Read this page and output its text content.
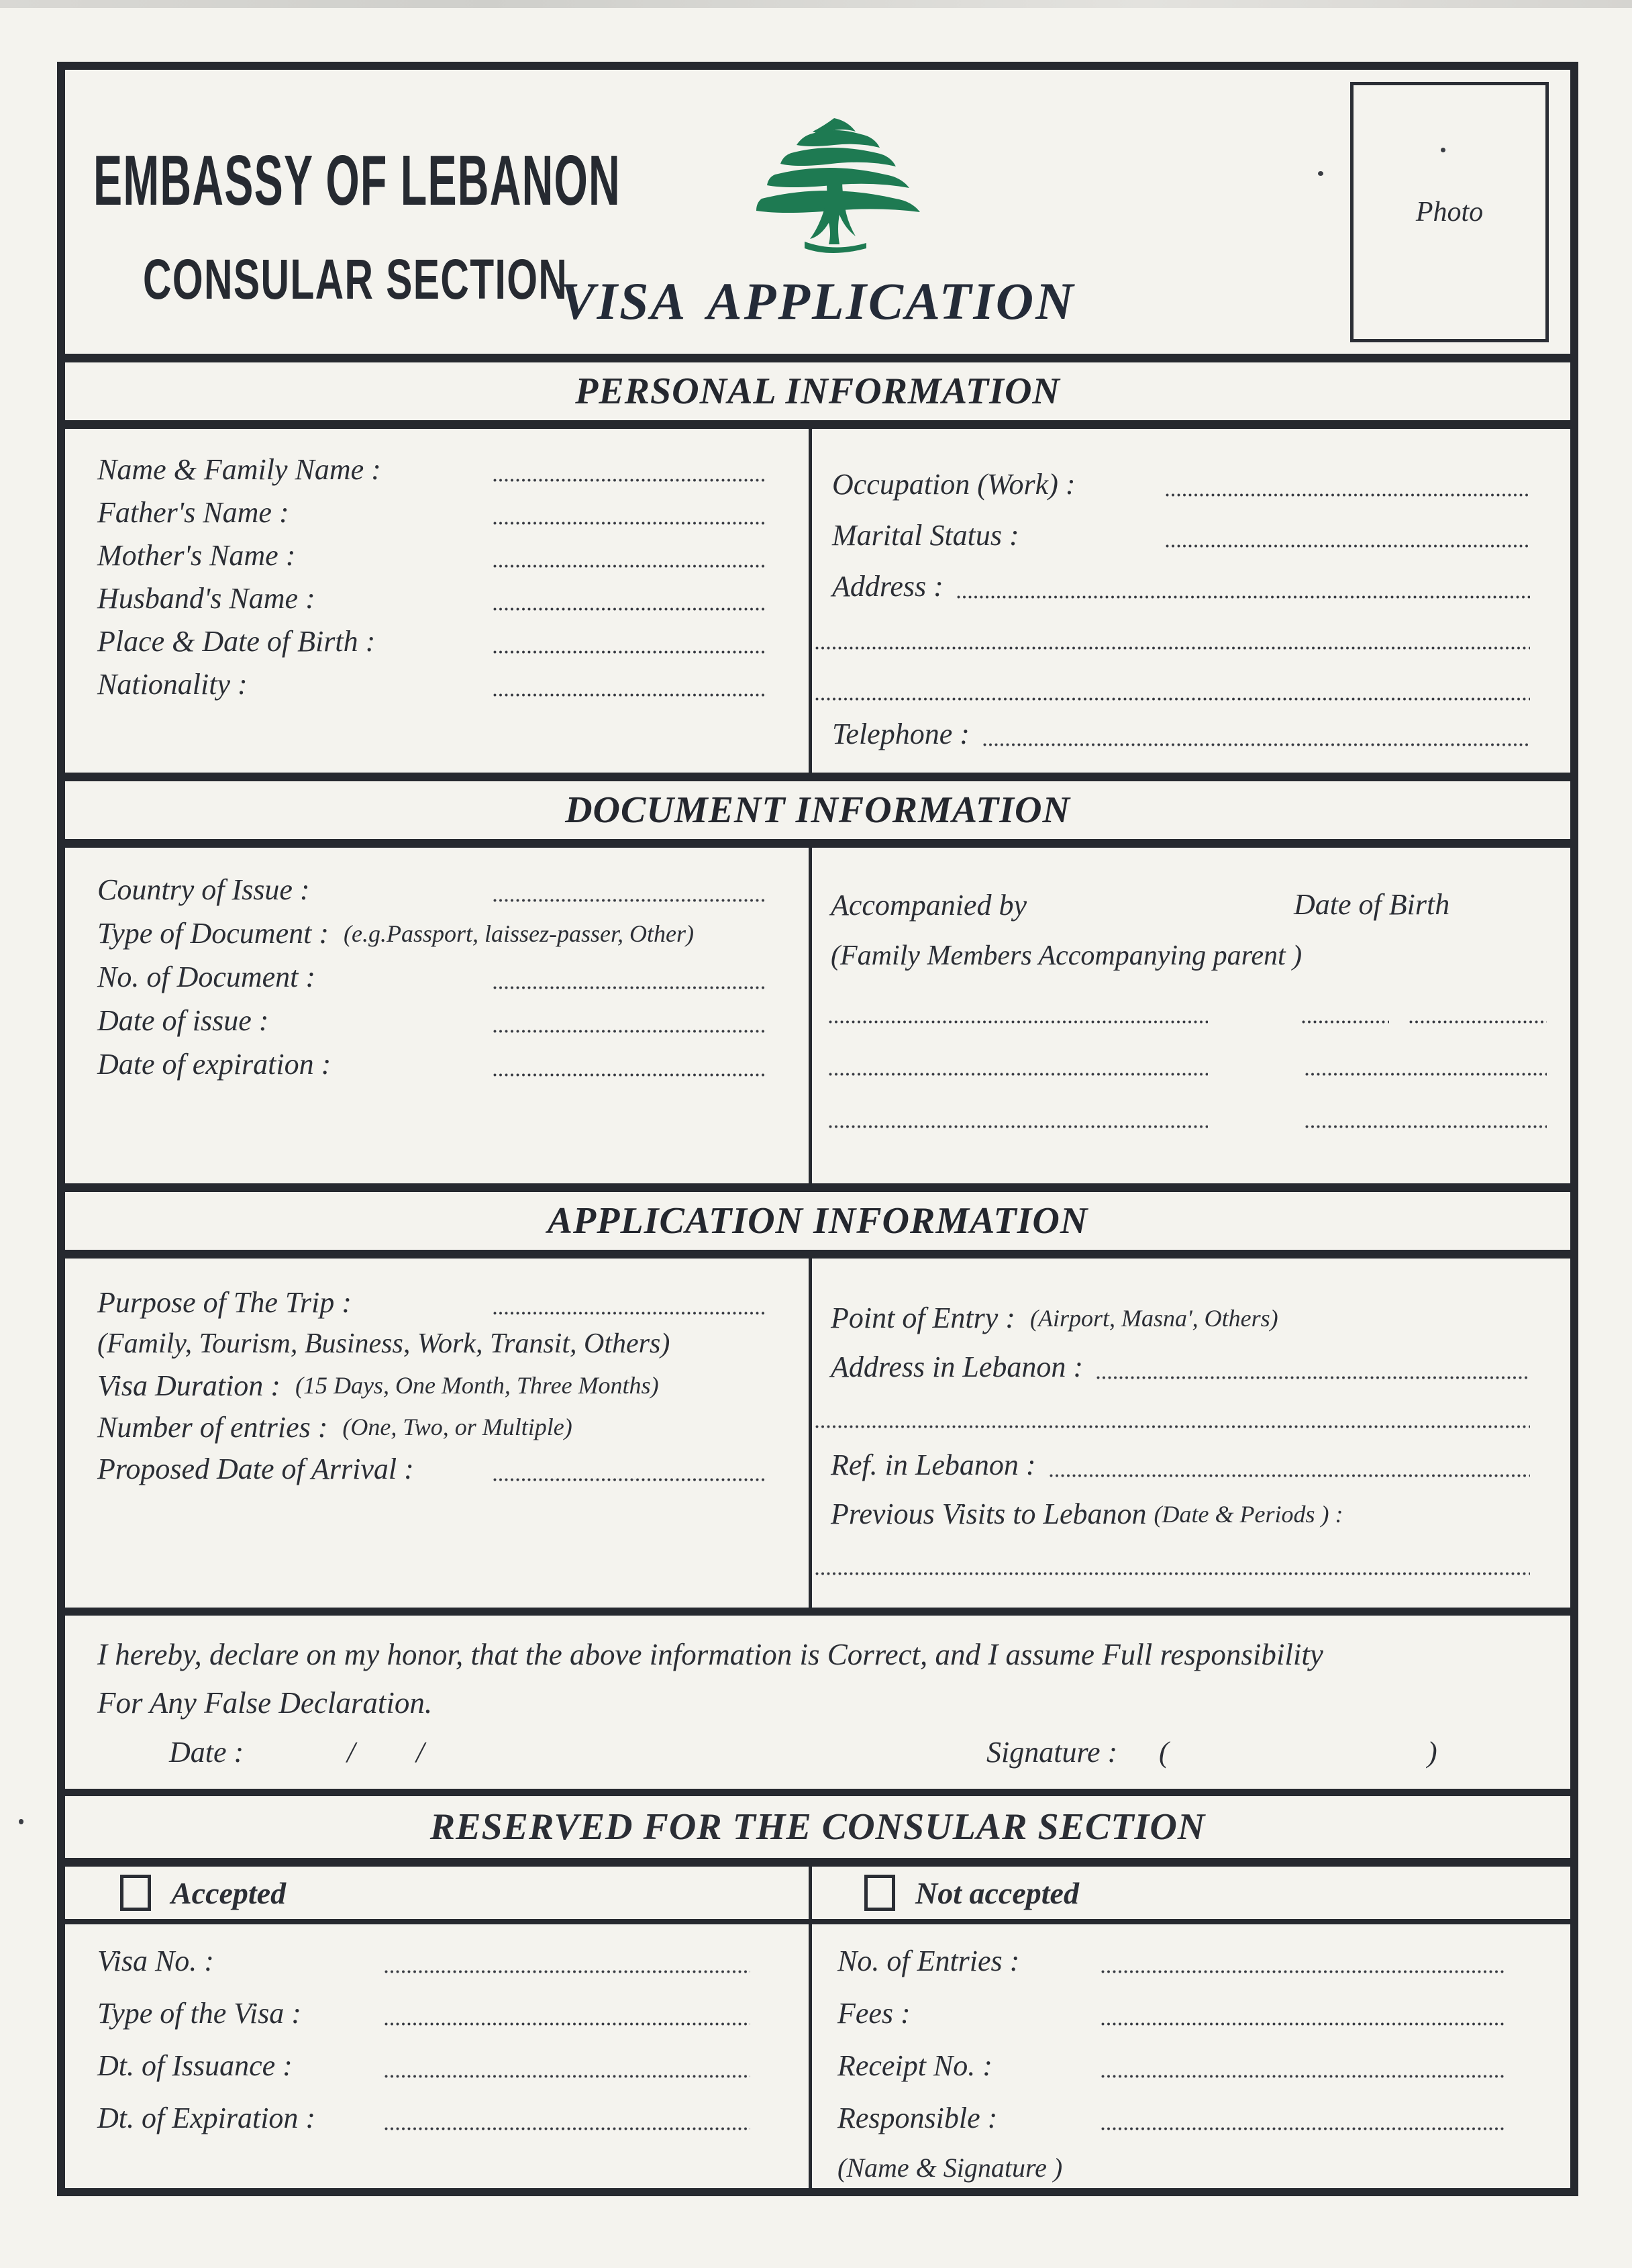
EMBASSY OF LEBANON
CONSULAR SECTION
VISA APPLICATION
Photo
PERSONAL INFORMATION
Name & Family Name :
Father's Name :
Mother's Name :
Husband's Name :
Place & Date of Birth :
Nationality :
Occupation (Work) :
Marital Status :
Address :
Telephone :
DOCUMENT INFORMATION
Country of Issue :
Type of Document :
(e.g.Passport, laissez-passer, Other)
No. of Document :
Date of issue :
Date of expiration :
Accompanied by	Date of Birth
(Family Members Accompanying parent )
APPLICATION INFORMATION
Purpose of The Trip :
(Family, Tourism, Business, Work, Transit, Others)
Visa Duration :
(15 Days, One Month, Three Months)
Number of entries :
(One, Two, or Multiple)
Proposed Date of Arrival :
Point of Entry :
(Airport, Masna', Others)
Address in Lebanon :
Ref. in Lebanon :
Previous Visits to Lebanon
(Date & Periods ) :
I hereby, declare on my honor, that the above information is Correct, and I assume Full responsibility
For Any False Declaration.
Date :	/ /	Signature : (	)
RESERVED FOR THE CONSULAR SECTION
Accepted	Not accepted
Visa No. :
Type of the Visa :
Dt. of Issuance :
Dt. of Expiration :
No. of Entries :
Fees :
Receipt No. :
Responsible :
(Name & Signature )
